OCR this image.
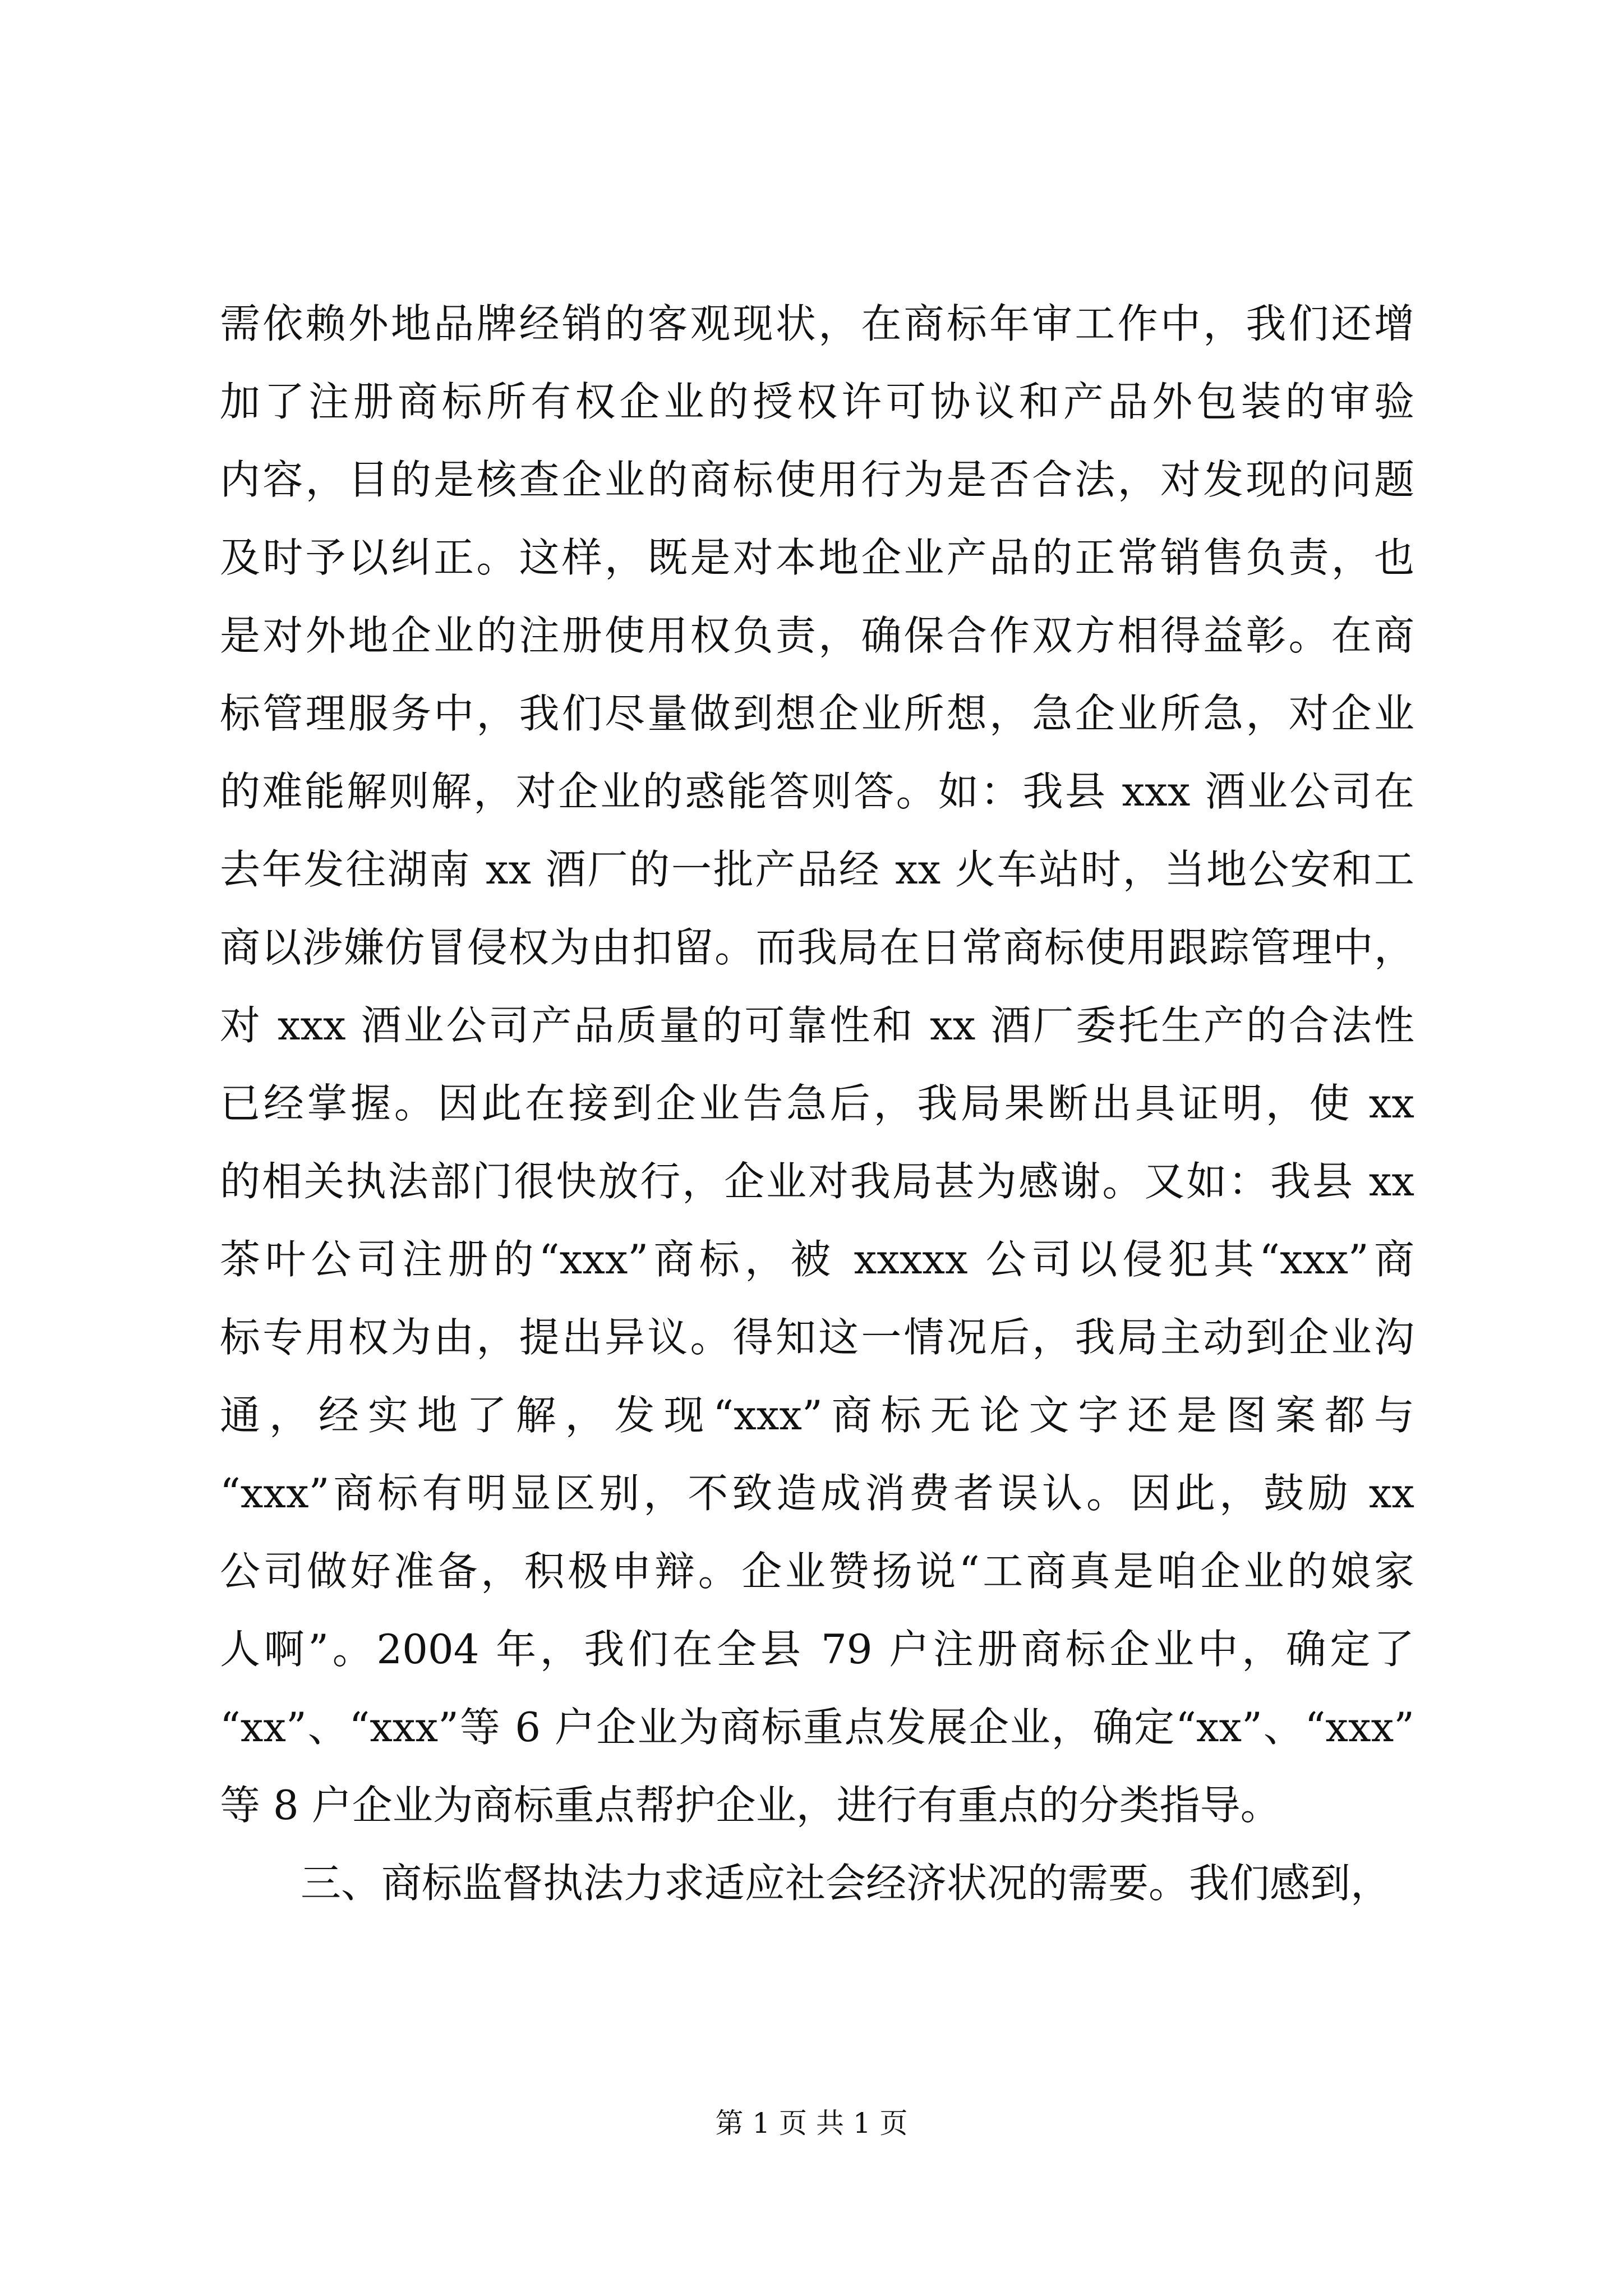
需依赖外地品牌经销的客观现状，在商标年审工作中，我们还增
加了注册商标所有权企业的授权许可协议和产品外包装的审验
内容，目的是核查企业的商标使用行为是否合法，对发现的问题
及时予以纠正。这样，既是对本地企业产品的正常销售负责，也
是对外地企业的注册使用权负责，确保合作双方相得益彰。在商
标管理服务中，我们尽量做到想企业所想，急企业所急，对企业
的难能解则解，对企业的惑能答则答。如：我县 xxx 酒业公司在
去年发往湖南 xx 酒厂的一批产品经 xx 火车站时，当地公安和工
商以涉嫌仿冒侵权为由扣留。而我局在日常商标使用跟踪管理中，
对 xxx 酒业公司产品质量的可靠性和 xx 酒厂委托生产的合法性
已经掌握。因此在接到企业告急后，我局果断出具证明，使 xx
的相关执法部门很快放行，企业对我局甚为感谢。又如：我县 xx
茶叶公司注册的“xxx”商标，被 xxxxx 公司以侵犯其“xxx”商
标专用权为由，提出异议。得知这一情况后，我局主动到企业沟
通，经实地了解，发现“xxx”商标无论文字还是图案都与
“xxx”商标有明显区别，不致造成消费者误认。因此，鼓励 xx
公司做好准备，积极申辩。企业赞扬说“工商真是咱企业的娘家
人啊”。2004 年，我们在全县 79 户注册商标企业中，确定了
“xx”、“xxx”等 6 户企业为商标重点发展企业，确定“xx”、“xxx”
等 8 户企业为商标重点帮护企业，进行有重点的分类指导。
三、商标监督执法力求适应社会经济状况的需要。我们感到，
第 1 页 共 1 页
